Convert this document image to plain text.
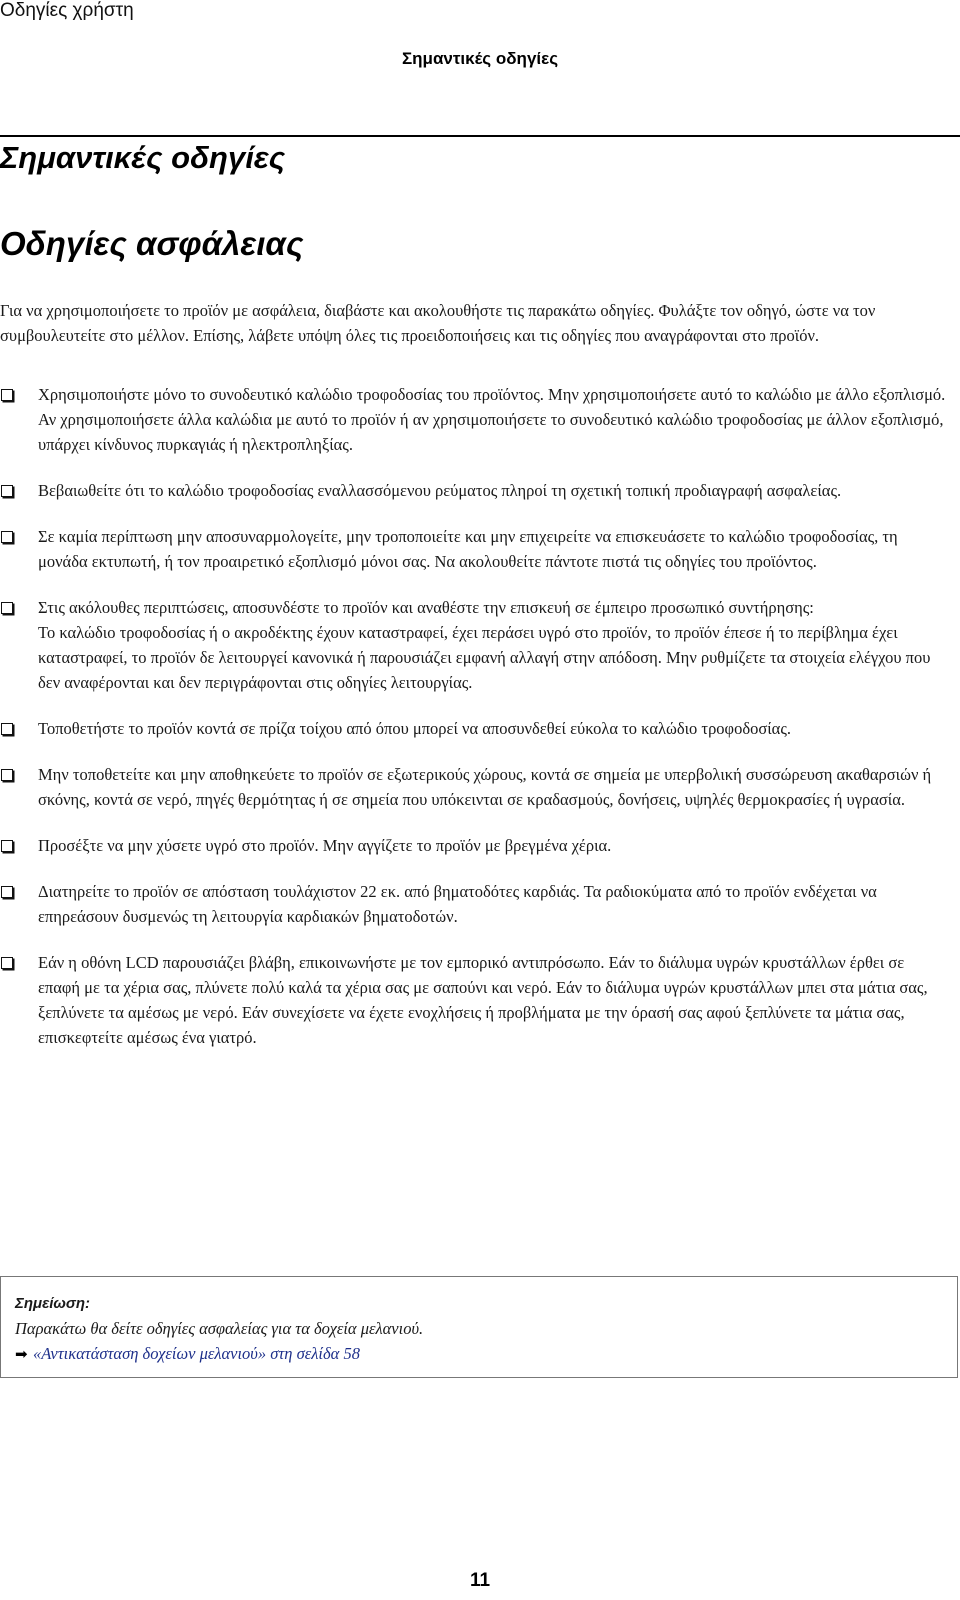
Οδηγίες χρήστη
Σημαντικές οδηγίες
Σημαντικές οδηγίες
Οδηγίες ασφάλειας

Για να χρησιμοποιήσετε το προϊόν με ασφάλεια, διαβάστε και ακολουθήστε τις παρακάτω οδηγίες. Φυλάξτε τον οδηγό, ώστε να τον συμβουλευτείτε στο μέλλον. Επίσης, λάβετε υπόψη όλες τις προειδοποιήσεις και τις οδηγίες που αναγράφονται στο προϊόν.

Χρησιμοποιήστε μόνο το συνοδευτικό καλώδιο τροφοδοσίας του προϊόντος. Μην χρησιμοποιήσετε αυτό το καλώδιο με άλλο εξοπλισμό. Αν χρησιμοποιήσετε άλλα καλώδια με αυτό το προϊόν ή αν χρησιμοποιήσετε το συνοδευτικό καλώδιο τροφοδοσίας με άλλον εξοπλισμό, υπάρχει κίνδυνος πυρκαγιάς ή ηλεκτροπληξίας.
Βεβαιωθείτε ότι το καλώδιο τροφοδοσίας εναλλασσόμενου ρεύματος πληροί τη σχετική τοπική προδιαγραφή ασφαλείας.
Σε καμία περίπτωση μην αποσυναρμολογείτε, μην τροποποιείτε και μην επιχειρείτε να επισκευάσετε το καλώδιο τροφοδοσίας, τη μονάδα εκτυπωτή, ή τον προαιρετικό εξοπλισμό μόνοι σας. Να ακολουθείτε πάντοτε πιστά τις οδηγίες του προϊόντος.
Στις ακόλουθες περιπτώσεις, αποσυνδέστε το προϊόν και αναθέστε την επισκευή σε έμπειρο προσωπικό συντήρησης:
Το καλώδιο τροφοδοσίας ή ο ακροδέκτης έχουν καταστραφεί, έχει περάσει υγρό στο προϊόν, το προϊόν έπεσε ή το περίβλημα έχει καταστραφεί, το προϊόν δε λειτουργεί κανονικά ή παρουσιάζει εμφανή αλλαγή στην απόδοση. Μην ρυθμίζετε τα στοιχεία ελέγχου που δεν αναφέρονται και δεν περιγράφονται στις οδηγίες λειτουργίας.
Τοποθετήστε το προϊόν κοντά σε πρίζα τοίχου από όπου μπορεί να αποσυνδεθεί εύκολα το καλώδιο τροφοδοσίας.
Μην τοποθετείτε και μην αποθηκεύετε το προϊόν σε εξωτερικούς χώρους, κοντά σε σημεία με υπερβολική συσσώρευση ακαθαρσιών ή σκόνης, κοντά σε νερό, πηγές θερμότητας ή σε σημεία που υπόκεινται σε κραδασμούς, δονήσεις, υψηλές θερμοκρασίες ή υγρασία.
Προσέξτε να μην χύσετε υγρό στο προϊόν. Μην αγγίζετε το προϊόν με βρεγμένα χέρια.
Διατηρείτε το προϊόν σε απόσταση τουλάχιστον 22 εκ. από βηματοδότες καρδιάς. Τα ραδιοκύματα από το προϊόν ενδέχεται να επηρεάσουν δυσμενώς τη λειτουργία καρδιακών βηματοδοτών.
Εάν η οθόνη LCD παρουσιάζει βλάβη, επικοινωνήστε με τον εμπορικό αντιπρόσωπο. Εάν το διάλυμα υγρών κρυστάλλων έρθει σε επαφή με τα χέρια σας, πλύνετε πολύ καλά τα χέρια σας με σαπούνι και νερό. Εάν το διάλυμα υγρών κρυστάλλων μπει στα μάτια σας, ξεπλύνετε τα αμέσως με νερό. Εάν συνεχίσετε να έχετε ενοχλήσεις ή προβλήματα με την όρασή σας αφού ξεπλύνετε τα μάτια σας, επισκεφτείτε αμέσως ένα γιατρό.
Σημείωση:
Παρακάτω θα δείτε οδηγίες ασφαλείας για τα δοχεία μελανιού.
➡ «Αντικατάσταση δοχείων μελανιού» στη σελίδα 58
11
